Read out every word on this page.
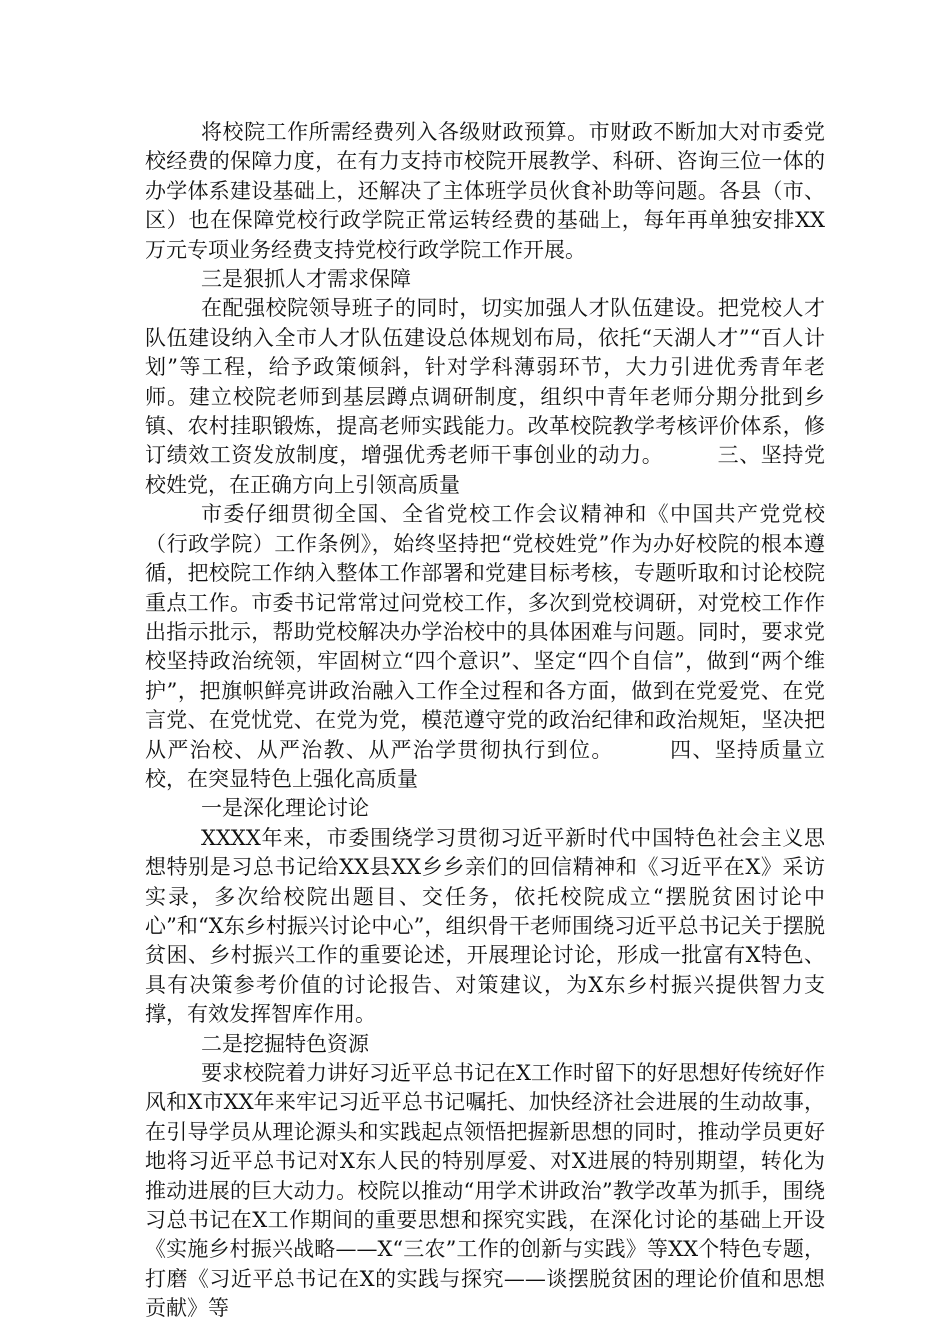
将校院工作所需经费列入各级财政预算。市财政不断加大对市委党校经费的保障力度，在有力支持市校院开展教学、科研、咨询三位一体的办学体系建设基础上，还解决了主体班学员伙食补助等问题。各县（市、区）也在保障党校行政学院正常运转经费的基础上，每年再单独安排XX万元专项业务经费支持党校行政学院工作开展。

三是狠抓人才需求保障

在配强校院领导班子的同时，切实加强人才队伍建设。把党校人才队伍建设纳入全市人才队伍建设总体规划布局，依托“天湖人才”“百人计划”等工程，给予政策倾斜，针对学科薄弱环节，大力引进优秀青年老师。建立校院老师到基层蹲点调研制度，组织中青年老师分期分批到乡镇、农村挂职锻炼，提高老师实践能力。改革校院教学考核评价体系，修订绩效工资发放制度，增强优秀老师干事创业的动力。　　　三、坚持党校姓党，在正确方向上引领高质量

市委仔细贯彻全国、全省党校工作会议精神和《中国共产党党校（行政学院）工作条例》，始终坚持把“党校姓党”作为办好校院的根本遵循，把校院工作纳入整体工作部署和党建目标考核，专题听取和讨论校院重点工作。市委书记常常过问党校工作，多次到党校调研，对党校工作作出指示批示，帮助党校解决办学治校中的具体困难与问题。同时，要求党校坚持政治统领，牢固树立“四个意识”、坚定“四个自信”，做到“两个维护”，把旗帜鲜亮讲政治融入工作全过程和各方面，做到在党爱党、在党言党、在党忧党、在党为党，模范遵守党的政治纪律和政治规矩，坚决把从严治校、从严治教、从严治学贯彻执行到位。　　　四、坚持质量立校，在突显特色上强化高质量

一是深化理论讨论

XXXX年来，市委围绕学习贯彻习近平新时代中国特色社会主义思想特别是习总书记给XX县XX乡乡亲们的回信精神和《习近平在X》采访实录，多次给校院出题目、交任务，依托校院成立“摆脱贫困讨论中心”和“X东乡村振兴讨论中心”，组织骨干老师围绕习近平总书记关于摆脱贫困、乡村振兴工作的重要论述，开展理论讨论，形成一批富有X特色、具有决策参考价值的讨论报告、对策建议，为X东乡村振兴提供智力支撑，有效发挥智库作用。

二是挖掘特色资源

要求校院着力讲好习近平总书记在X工作时留下的好思想好传统好作风和X市XX年来牢记习近平总书记嘱托、加快经济社会进展的生动故事，在引导学员从理论源头和实践起点领悟把握新思想的同时，推动学员更好地将习近平总书记对X东人民的特别厚爱、对X进展的特别期望，转化为推动进展的巨大动力。校院以推动“用学术讲政治”教学改革为抓手，围绕习总书记在X工作期间的重要思想和探究实践，在深化讨论的基础上开设《实施乡村振兴战略——X“三农”工作的创新与实践》等XX个特色专题，打磨《习近平总书记在X的实践与探究——谈摆脱贫困的理论价值和思想贡献》等
